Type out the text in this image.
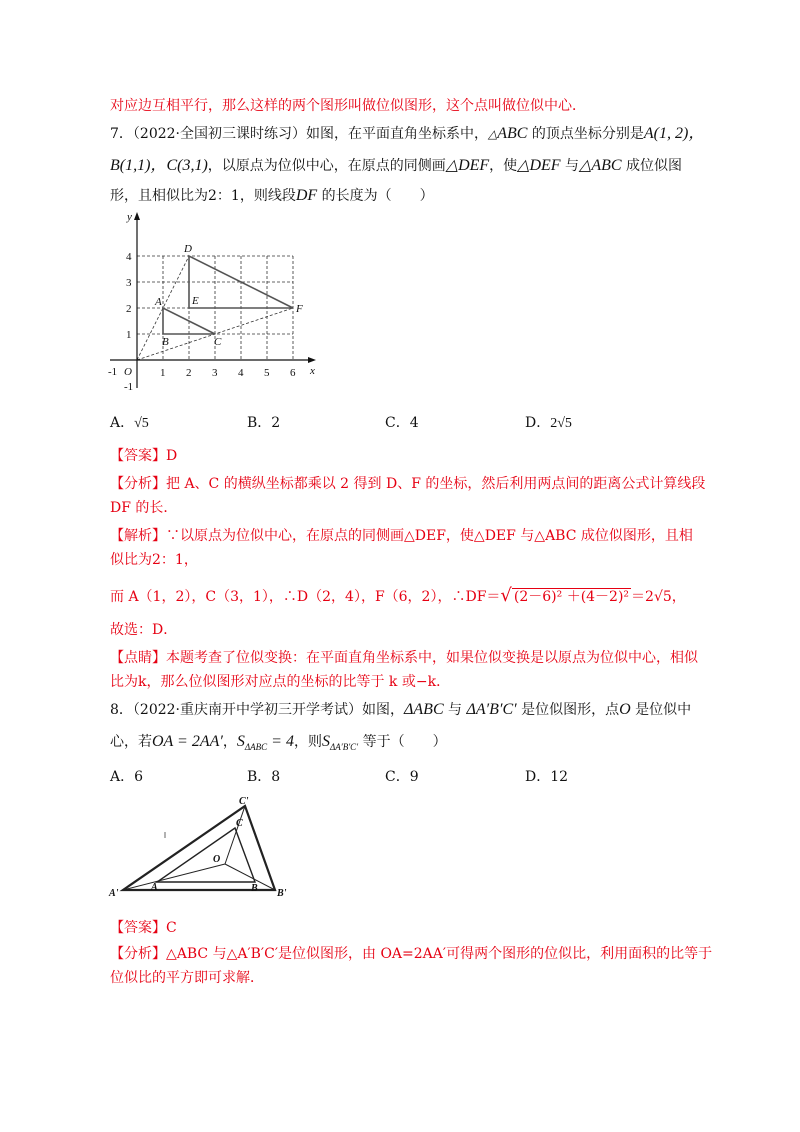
对应边互相平行，那么这样的两个图形叫做位似图形，这个点叫做位似中心．
7．（2022·全国初三课时练习）如图，在平面直角坐标系中，△ABC 的顶点坐标分别是A(1, 2)，
B(1,1)，C(3,1)，以原点为位似中心，在原点的同侧画△DEF，使△DEF 与△ABC 成位似图
形，且相似比为2：1，则线段DF 的长度为（　　）
y
x
O
-1	1 2 3 4 5 6
1
2
3
4
-1
A
B	C
D
E
F
A．√5	B．2	C．4	D．2√5
【答案】D
【分析】把 A、C 的横纵坐标都乘以 2 得到 D、F 的坐标，然后利用两点间的距离公式计算线段
DF 的长．
【解析】∵以原点为位似中心，在原点的同侧画△DEF，使△DEF 与△ABC 成位似图形，且相
似比为2：1，
而 A（1，2），C（3，1），∴D（2，4），F（6，2），∴DF＝√ (2－6)² ＋(4－2)² ＝2√5，
故选：D．
【点睛】本题考查了位似变换：在平面直角坐标系中，如果位似变换是以原点为位似中心，相似
比为k，那么位似图形对应点的坐标的比等于 k 或−k．
8．（2022·重庆南开中学初三开学考试）如图，ΔABC 与 ΔA′B′C′ 是位似图形，点O 是位似中
心，若OA = 2AA′，$S_{\Delta ABC} = 4$，则$S_{\Delta A'B'C'}$ 等于（　　）
A．6	B．8	C．9	D．12
A'	B'
C'
A	B
C
O
【答案】C
【分析】△ABC 与△A′B′C′是位似图形，由 OA=2AA′可得两个图形的位似比，利用面积的比等于
位似比的平方即可求解．
